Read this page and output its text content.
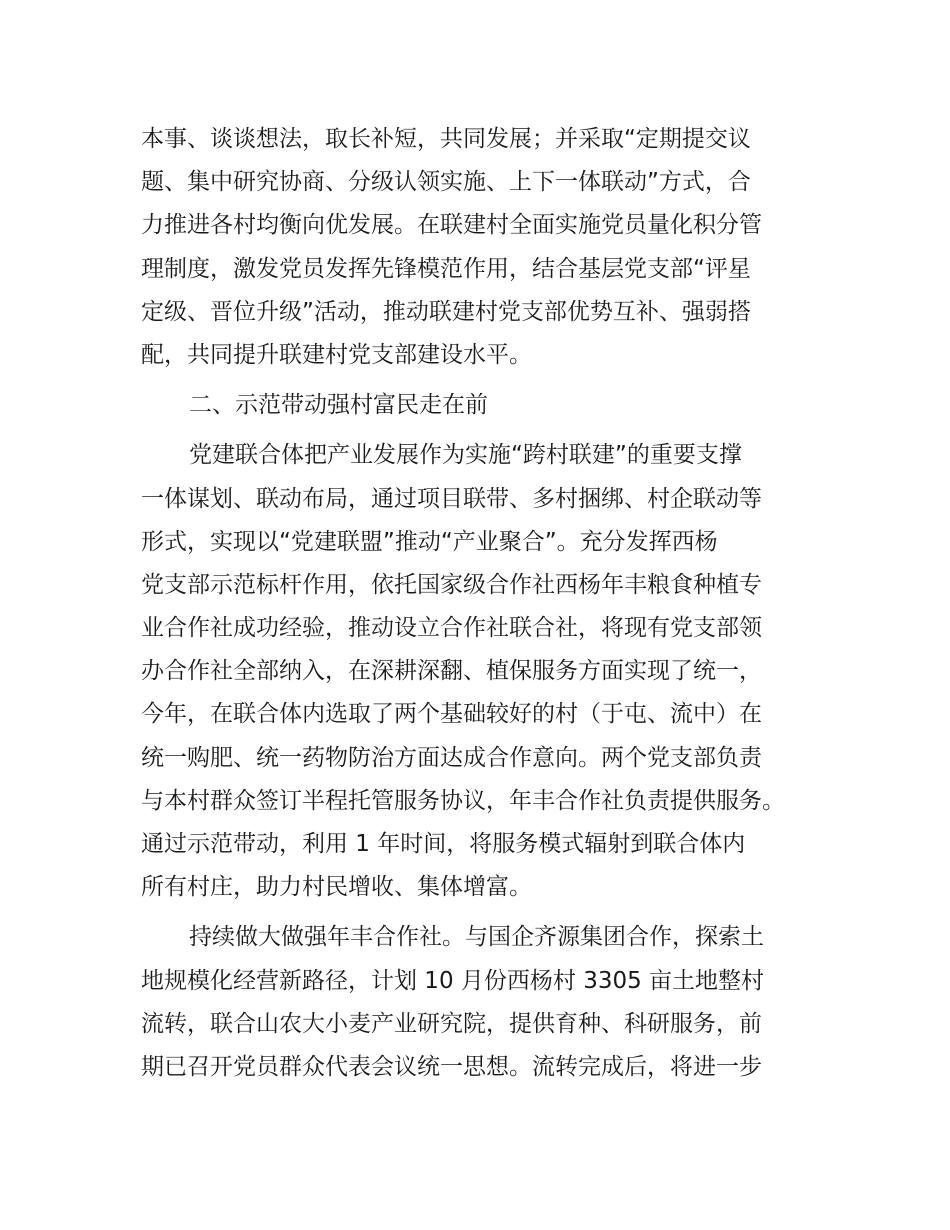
本事、谈谈想法，取长补短，共同发展；并采取“定期提交议
题、集中研究协商、分级认领实施、上下一体联动”方式，合
力推进各村均衡向优发展。在联建村全面实施党员量化积分管
理制度，激发党员发挥先锋模范作用，结合基层党支部“评星
定级、晋位升级”活动，推动联建村党支部优势互补、强弱搭
配，共同提升联建村党支部建设水平。
二、示范带动强村富民走在前
党建联合体把产业发展作为实施“跨村联建”的重要支撑
一体谋划、联动布局，通过项目联带、多村捆绑、村企联动等
形式，实现以“党建联盟”推动“产业聚合”。充分发挥西杨
党支部示范标杆作用，依托国家级合作社西杨年丰粮食种植专
业合作社成功经验，推动设立合作社联合社，将现有党支部领
办合作社全部纳入，在深耕深翻、植保服务方面实现了统一，
今年，在联合体内选取了两个基础较好的村（于屯、流中）在
统一购肥、统一药物防治方面达成合作意向。两个党支部负责
与本村群众签订半程托管服务协议，年丰合作社负责提供服务。
通过示范带动，利用 1 年时间，将服务模式辐射到联合体内
所有村庄，助力村民增收、集体增富。
持续做大做强年丰合作社。与国企齐源集团合作，探索土
地规模化经营新路径，计划 10 月份西杨村 3305 亩土地整村
流转，联合山农大小麦产业研究院，提供育种、科研服务，前
期已召开党员群众代表会议统一思想。流转完成后，将进一步
